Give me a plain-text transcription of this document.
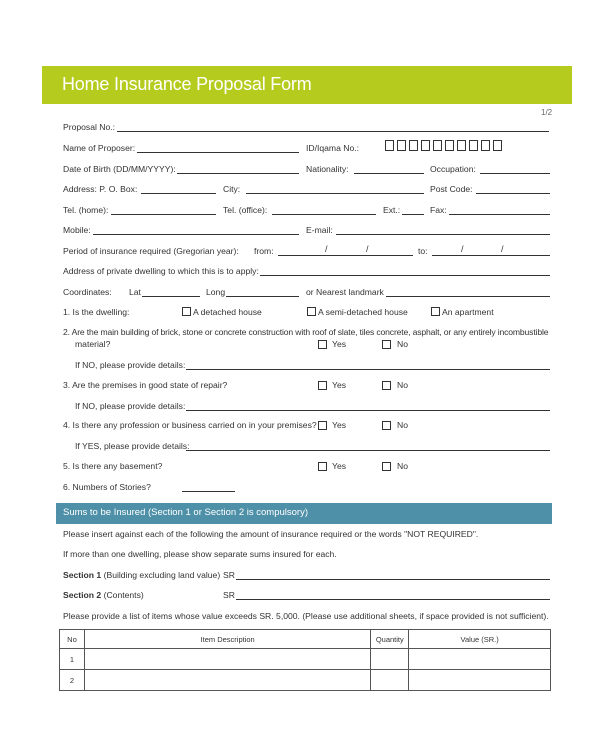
Home Insurance Proposal Form
1/2
Proposal No.:
Name of Proposer:	ID/Iqama No.:
Date of Birth (DD/MM/YYYY):	Nationality:	Occupation:
Address: P. O. Box:	City:	Post Code:
Tel. (home):	Tel. (office):	Ext.:	Fax:
Mobile:	E-mail:
Period of insurance required (Gregorian year): from:	/	/	to:	/	/
Address of private dwelling to which this is to apply:
Coordinates: Lat	Long	or Nearest landmark
1. Is the dwelling:	A detached house	A semi-detached house	An apartment
2. Are the main building of brick, stone or concrete construction with roof of slate, tiles concrete, asphalt, or any entirely incombustible
material?	Yes	No
If NO, please provide details:
3. Are the premises in good state of repair?	Yes	No
If NO, please provide details:
4. Is there any profession or business carried on in your premises? Yes	No
If YES, please provide details:
5. Is there any basement?	Yes	No
6. Numbers of Stories?
Sums to be Insured (Section 1 or Section 2 is compulsory)
Please insert against each of the following the amount of insurance required or the words "NOT REQUIRED".
If more than one dwelling, please show separate sums insured for each.
Section 1 (Building excluding land value) SR
Section 2 (Contents)	SR
Please provide a list of items whose value exceeds SR. 5,000. (Please use additional sheets, if space provided is not sufficient).
No	Item Description	Quantity	Value (SR.)
1			
2			
